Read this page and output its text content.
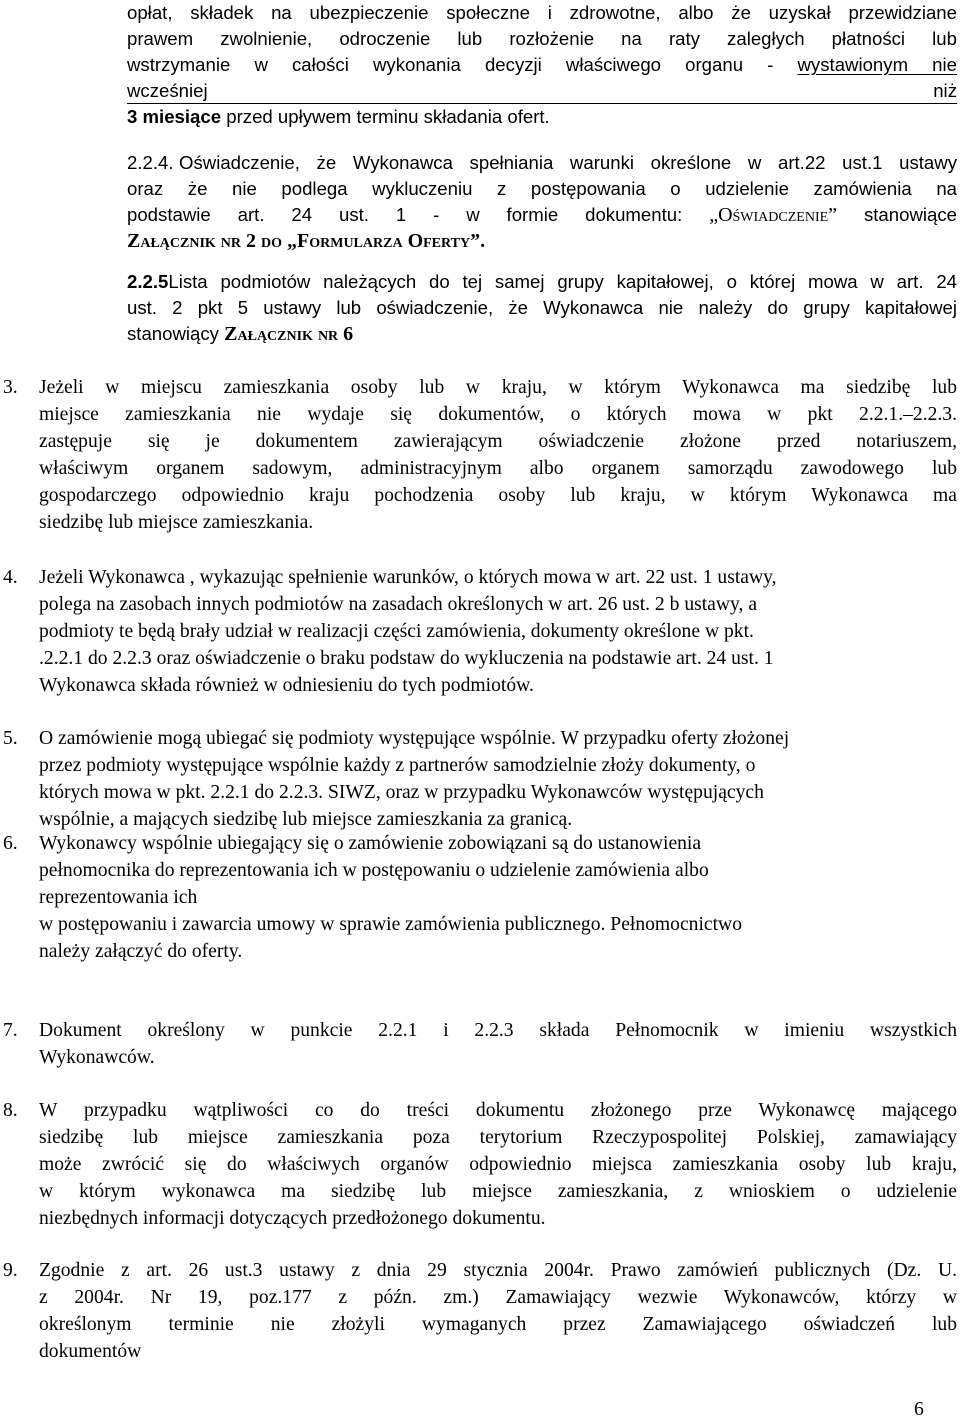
opłat, składek na ubezpieczenie społeczne i zdrowotne, albo że uzyskał przewidziane
prawem zwolnienie, odroczenie lub rozłożenie na raty zaległych płatności lub
wstrzymanie w całości wykonania decyzji właściwego organu - wystawionym nie
wcześniej	niż
3 miesiące przed upływem terminu składania ofert.
2.2.4. Oświadczenie, że Wykonawca spełniania warunki określone w art.22 ust.1 ustawy
oraz że nie podlega wykluczeniu z postępowania o udzielenie zamówienia na
podstawie art. 24 ust. 1 - w formie dokumentu: „Oświadczenie” stanowiące
Załącznik nr 2 do „Formularza Oferty”.
2.2.5Lista podmiotów należących do tej samej grupy kapitałowej, o której mowa w art. 24
ust. 2 pkt 5 ustawy lub oświadczenie, że Wykonawca nie należy do grupy kapitałowej
stanowiący Załącznik nr 6
3. Jeżeli w miejscu zamieszkania osoby lub w kraju, w którym Wykonawca ma siedzibę lub
miejsce zamieszkania nie wydaje się dokumentów, o których mowa w pkt 2.2.1.–2.2.3.
zastępuje się je dokumentem zawierającym oświadczenie złożone przed notariuszem,
właściwym organem sadowym, administracyjnym albo organem samorządu zawodowego lub
gospodarczego odpowiednio kraju pochodzenia osoby lub kraju, w którym Wykonawca ma
siedzibę lub miejsce zamieszkania.
4. Jeżeli Wykonawca , wykazując spełnienie warunków, o których mowa w art. 22 ust. 1 ustawy,
polega na zasobach innych podmiotów na zasadach określonych w art. 26 ust. 2 b ustawy, a
podmioty te będą brały udział w realizacji części zamówienia, dokumenty określone w pkt.
.2.2.1 do 2.2.3 oraz oświadczenie o braku podstaw do wykluczenia na podstawie art. 24 ust. 1
Wykonawca składa również w odniesieniu do tych podmiotów.
5. O zamówienie mogą ubiegać się podmioty występujące wspólnie. W przypadku oferty złożonej
przez podmioty występujące wspólnie każdy z partnerów samodzielnie złoży dokumenty, o
których mowa w pkt. 2.2.1 do 2.2.3. SIWZ, oraz w przypadku Wykonawców występujących
wspólnie, a mających siedzibę lub miejsce zamieszkania za granicą.
6. Wykonawcy wspólnie ubiegający się o zamówienie zobowiązani są do ustanowienia
pełnomocnika do reprezentowania ich w postępowaniu o udzielenie zamówienia albo
reprezentowania ich
w postępowaniu i zawarcia umowy w sprawie zamówienia publicznego. Pełnomocnictwo
należy załączyć do oferty.
7. Dokument określony w punkcie 2.2.1 i 2.2.3 składa Pełnomocnik w imieniu wszystkich
Wykonawców.
8. W przypadku wątpliwości co do treści dokumentu złożonego prze Wykonawcę mającego
siedzibę lub miejsce zamieszkania poza terytorium Rzeczypospolitej Polskiej, zamawiający
może zwrócić się do właściwych organów odpowiednio miejsca zamieszkania osoby lub kraju,
w którym wykonawca ma siedzibę lub miejsce zamieszkania, z wnioskiem o udzielenie
niezbędnych informacji dotyczących przedłożonego dokumentu.
9. Zgodnie z art. 26 ust.3 ustawy z dnia 29 stycznia 2004r. Prawo zamówień publicznych (Dz. U.
z 2004r. Nr 19, poz.177 z późn. zm.) Zamawiający wezwie Wykonawców, którzy w
określonym terminie nie złożyli wymaganych przez Zamawiającego oświadczeń lub
dokumentów
6
